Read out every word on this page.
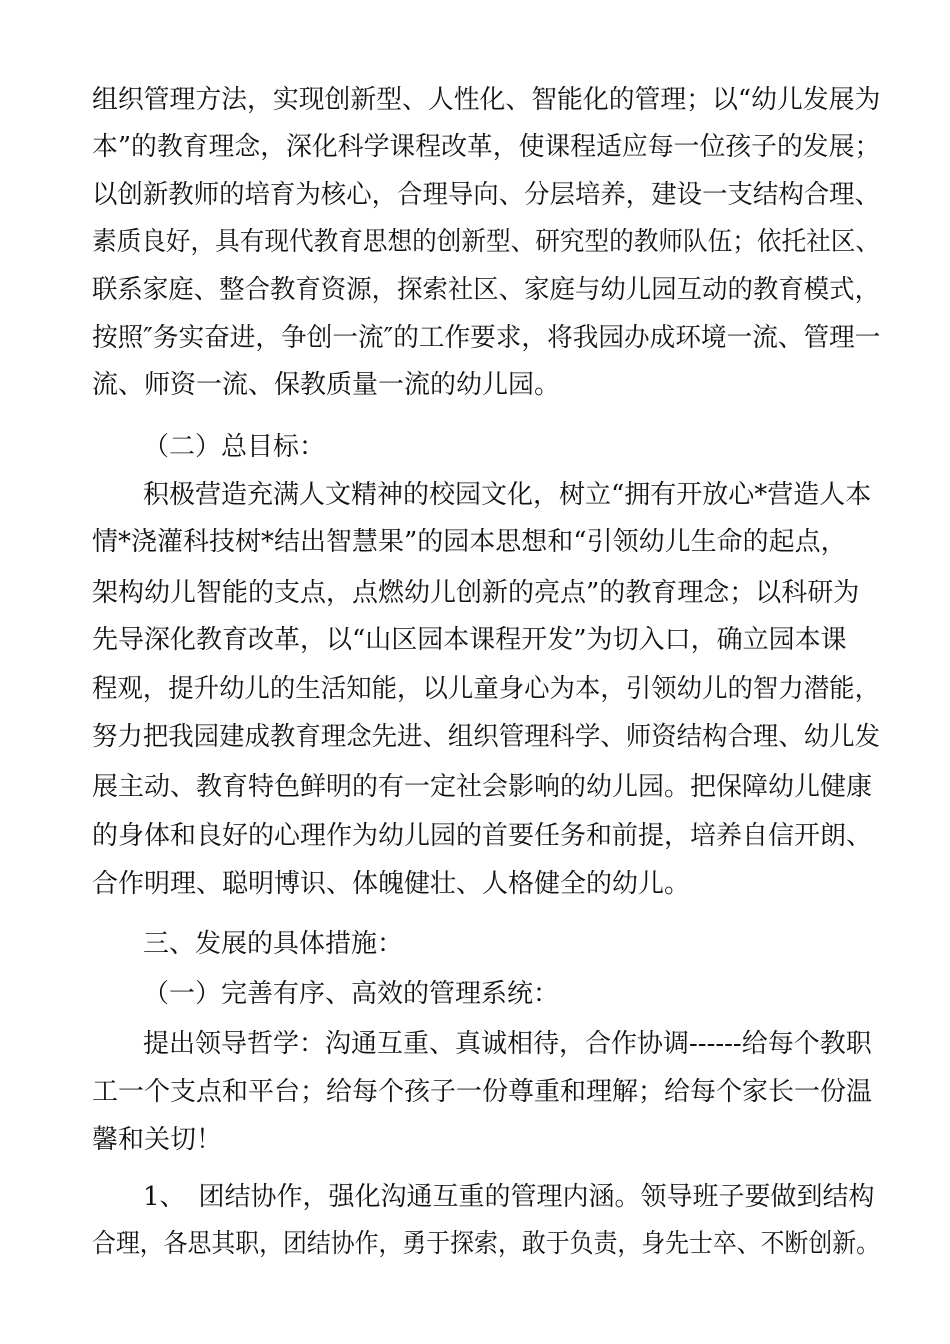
组织管理方法，实现创新型、人性化、智能化的管理；以“幼儿发展为
本”的教育理念，深化科学课程改革，使课程适应每一位孩子的发展；
以创新教师的培育为核心，合理导向、分层培养，建设一支结构合理、
素质良好，具有现代教育思想的创新型、研究型的教师队伍；依托社区、
联系家庭、整合教育资源，探索社区、家庭与幼儿园互动的教育模式，
按照″务实奋进，争创一流″的工作要求，将我园办成环境一流、管理一
流、师资一流、保教质量一流的幼儿园。
（二）总目标：
积极营造充满人文精神的校园文化，树立“拥有开放心*营造人本
情*浇灌科技树*结出智慧果”的园本思想和“引领幼儿生命的起点，
架构幼儿智能的支点，点燃幼儿创新的亮点”的教育理念；以科研为
先导深化教育改革，以“山区园本课程开发”为切入口，确立园本课
程观，提升幼儿的生活知能，以儿童身心为本，引领幼儿的智力潜能，
努力把我园建成教育理念先进、组织管理科学、师资结构合理、幼儿发
展主动、教育特色鲜明的有一定社会影响的幼儿园。把保障幼儿健康
的身体和良好的心理作为幼儿园的首要任务和前提，培养自信开朗、
合作明理、聪明博识、体魄健壮、人格健全的幼儿。
三、发展的具体措施：
（一）完善有序、高效的管理系统：
提出领导哲学：沟通互重、真诚相待，合作协调------给每个教职
工一个支点和平台；给每个孩子一份尊重和理解；给每个家长一份温
馨和关切！
1、　团结协作，强化沟通互重的管理内涵。领导班子要做到结构
合理，各思其职，团结协作，勇于探索，敢于负责，身先士卒、不断创新。
